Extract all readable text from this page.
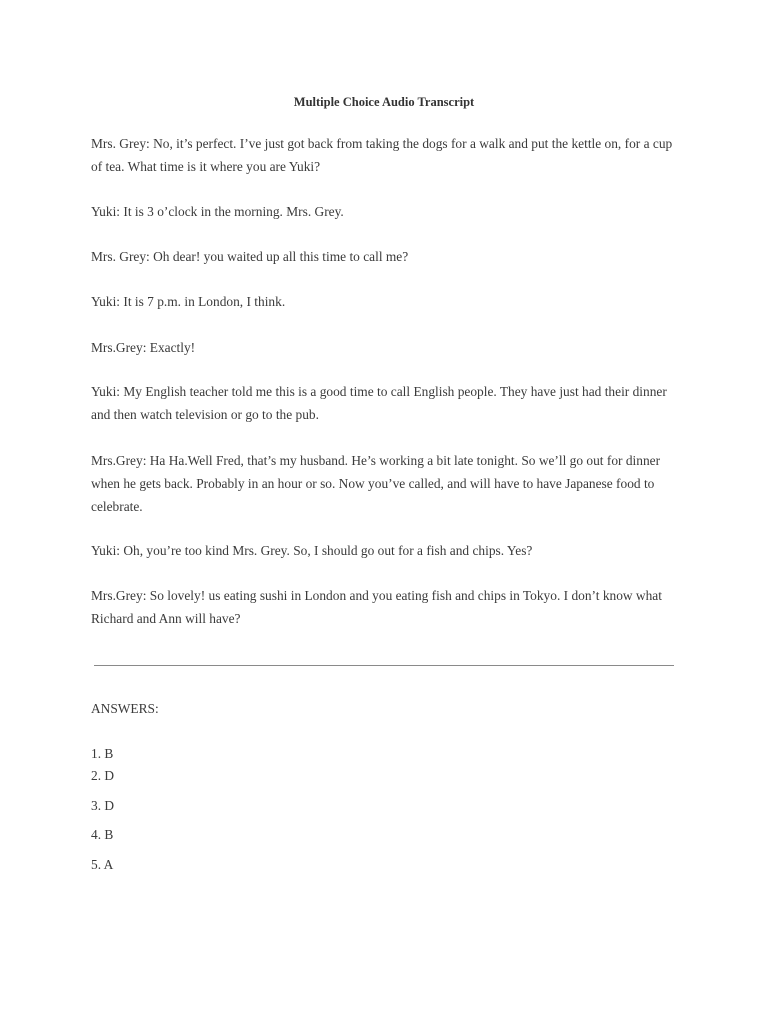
Multiple Choice Audio Transcript

Mrs. Grey: No, it’s perfect. I’ve just got back from taking the dogs for a walk and put the kettle on, for a cup of tea. What time is it where you are Yuki?

Yuki: It is 3 o’clock in the morning. Mrs. Grey.

Mrs. Grey: Oh dear! you waited up all this time to call me?

Yuki: It is 7 p.m. in London, I think.

Mrs.Grey: Exactly!

Yuki: My English teacher told me this is a good time to call English people. They have just had their dinner and then watch television or go to the pub.

Mrs.Grey: Ha Ha.Well Fred, that’s my husband. He’s working a bit late tonight. So we’ll go out for dinner when he gets back. Probably in an hour or so. Now you’ve called, and will have to have Japanese food to celebrate.

Yuki: Oh, you’re too kind Mrs. Grey. So, I should go out for a fish and chips. Yes?

Mrs.Grey: So lovely! us eating sushi in London and you eating fish and chips in Tokyo. I don’t know what Richard and Ann will have?

ANSWERS:
1. B
2. D
3. D
4. B
5. A
